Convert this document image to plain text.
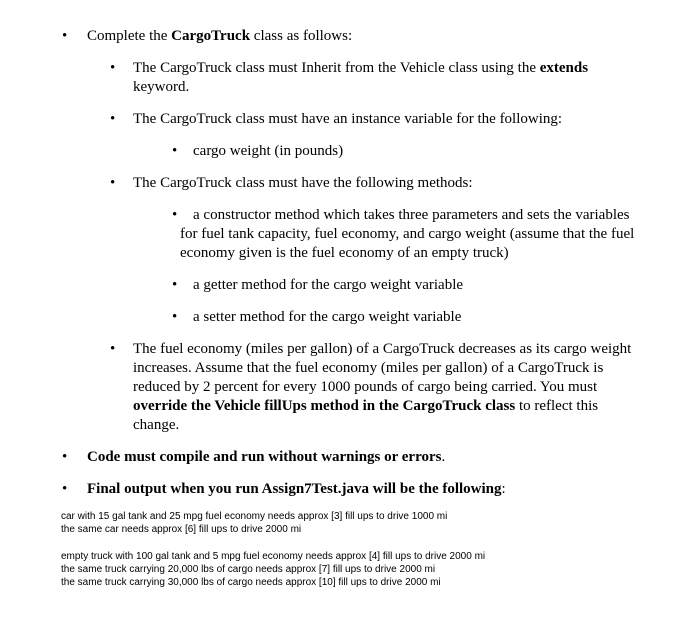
• Complete the CargoTruck class as follows:
• The CargoTruck class must Inherit from the Vehicle class using the extends
keyword.
• The CargoTruck class must have an instance variable for the following:
• cargo weight (in pounds)
• The CargoTruck class must have the following methods:
• a constructor method which takes three parameters and sets the variables
for fuel tank capacity, fuel economy, and cargo weight (assume that the fuel
economy given is the fuel economy of an empty truck)
• a getter method for the cargo weight variable
• a setter method for the cargo weight variable
• The fuel economy (miles per gallon) of a CargoTruck decreases as its cargo weight
increases. Assume that the fuel economy (miles per gallon) of a CargoTruck is
reduced by 2 percent for every 1000 pounds of cargo being carried. You must
override the Vehicle fillUps method in the CargoTruck class to reflect this
change.
• Code must compile and run without warnings or errors.
• Final output when you run Assign7Test.java will be the following:
car with 15 gal tank and 25 mpg fuel economy needs approx [3] fill ups to drive 1000 mi
the same car needs approx [6] fill ups to drive 2000 mi
empty truck with 100 gal tank and 5 mpg fuel economy needs approx [4] fill ups to drive 2000 mi
the same truck carrying 20,000 lbs of cargo needs approx [7] fill ups to drive 2000 mi
the same truck carrying 30,000 lbs of cargo needs approx [10] fill ups to drive 2000 mi
